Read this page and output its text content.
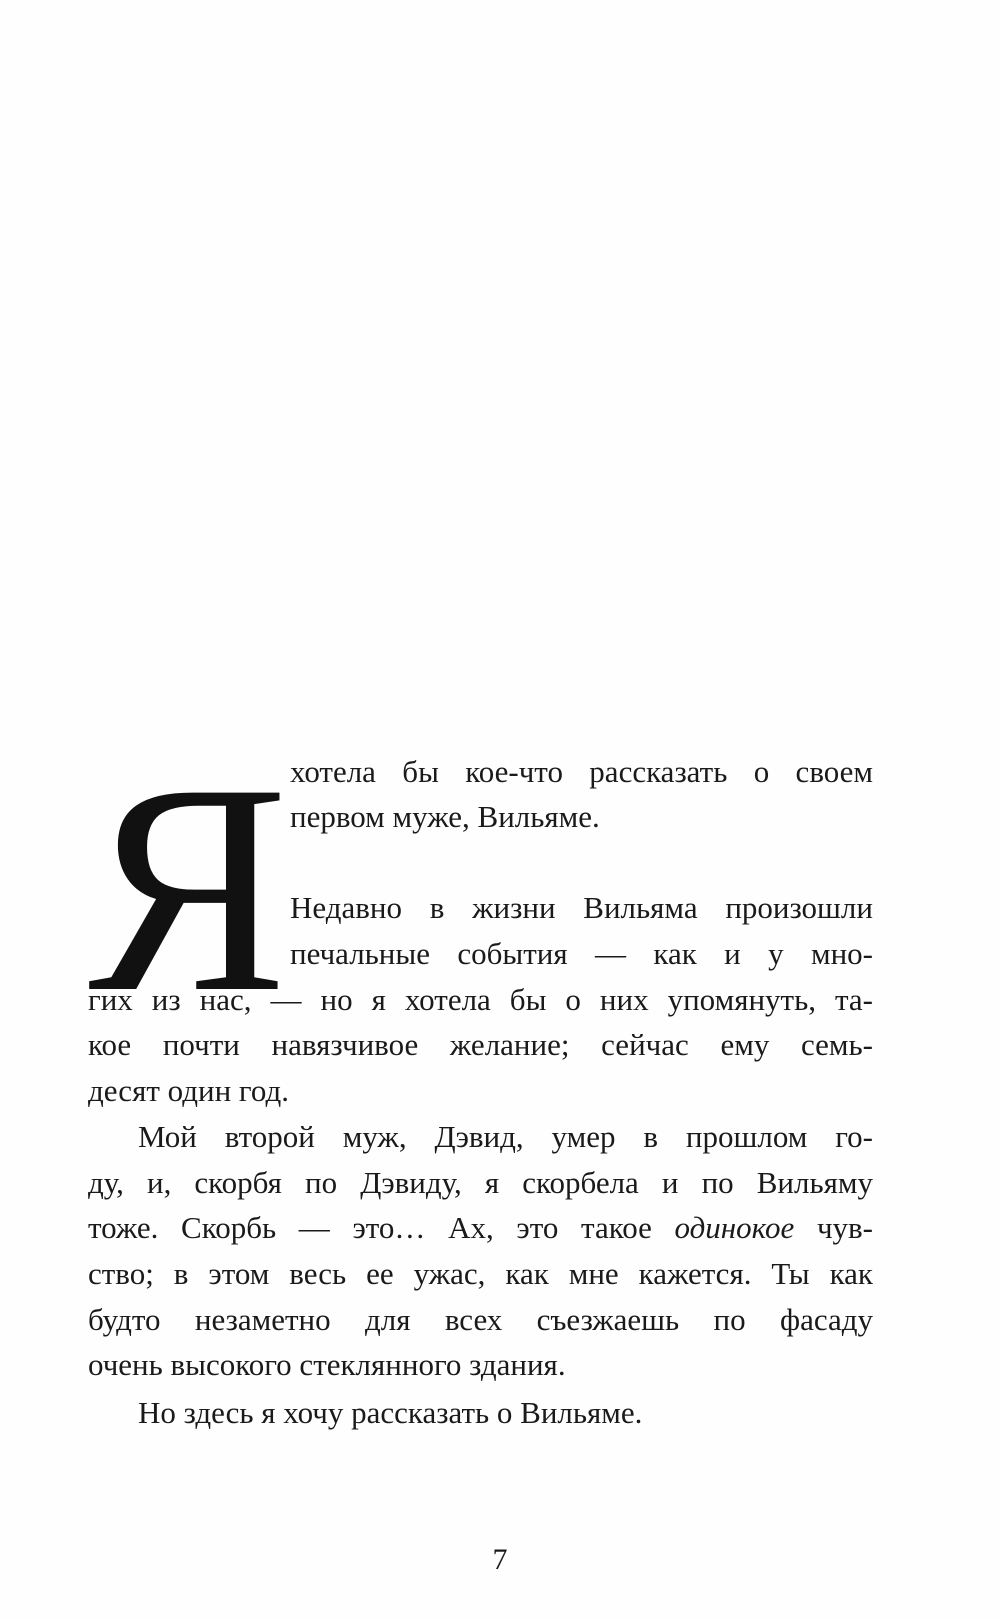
Я хотела бы кое-что рассказать о своем
первом муже, Вильяме.
Недавно в жизни Вильяма произошли
печальные события — как и у мно-
гих из нас, — но я хотела бы о них упомянуть, та-
кое почти навязчивое желание; сейчас ему семь-
десят один год.
Мой второй муж, Дэвид, умер в прошлом го-
ду, и, скорбя по Дэвиду, я скорбела и по Вильяму
тоже. Скорбь — это… Ах, это такое одинокое чув-
ство; в этом весь ее ужас, как мне кажется. Ты как
будто незаметно для всех съезжаешь по фасаду
очень высокого стеклянного здания.
Но здесь я хочу рассказать о Вильяме.
7
